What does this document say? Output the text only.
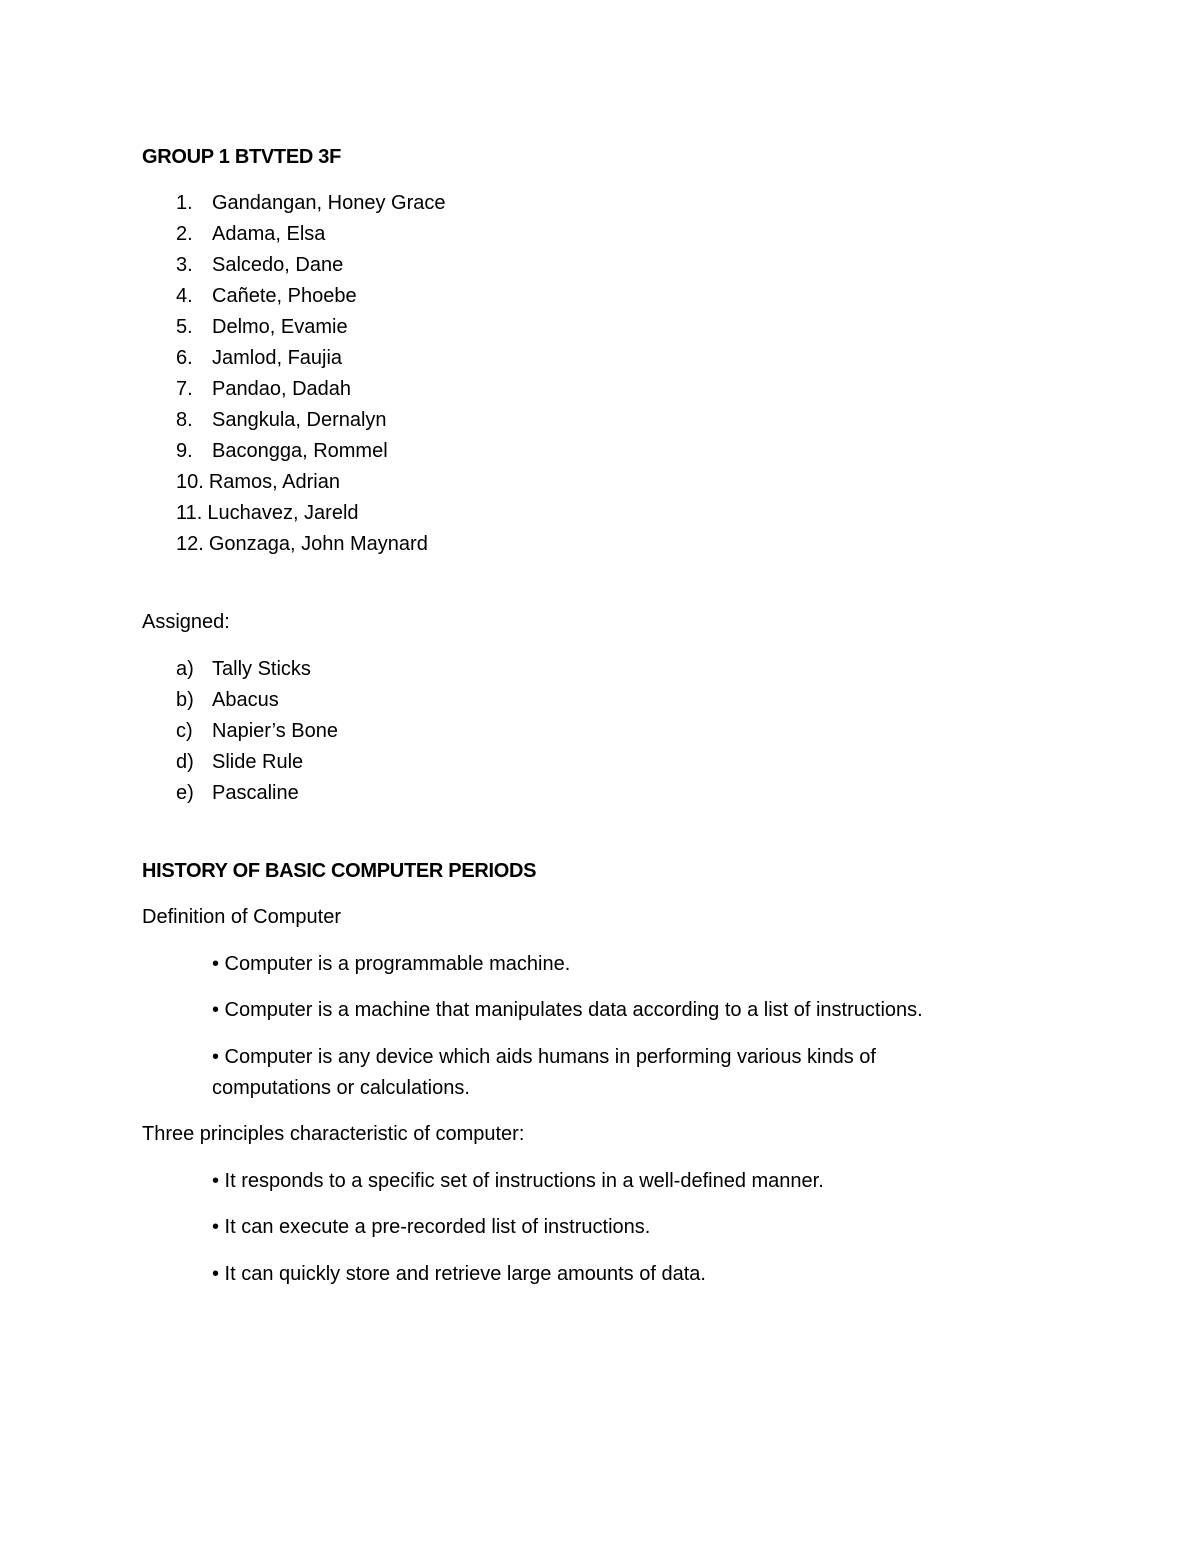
GROUP 1 BTVTED 3F
1. Gandangan, Honey Grace
2. Adama, Elsa
3. Salcedo, Dane
4. Cañete, Phoebe
5. Delmo, Evamie
6. Jamlod, Faujia
7. Pandao, Dadah
8. Sangkula, Dernalyn
9. Bacongga, Rommel
10. Ramos, Adrian
11. Luchavez, Jareld
12. Gonzaga, John Maynard
Assigned:
a) Tally Sticks
b) Abacus
c) Napier’s Bone
d) Slide Rule
e) Pascaline
HISTORY OF BASIC COMPUTER PERIODS
Definition of Computer
• Computer is a programmable machine.
• Computer is a machine that manipulates data according to a list of instructions.
• Computer is any device which aids humans in performing various kinds of
computations or calculations.
Three principles characteristic of computer:
• It responds to a specific set of instructions in a well-defined manner.
• It can execute a pre-recorded list of instructions.
• It can quickly store and retrieve large amounts of data.
